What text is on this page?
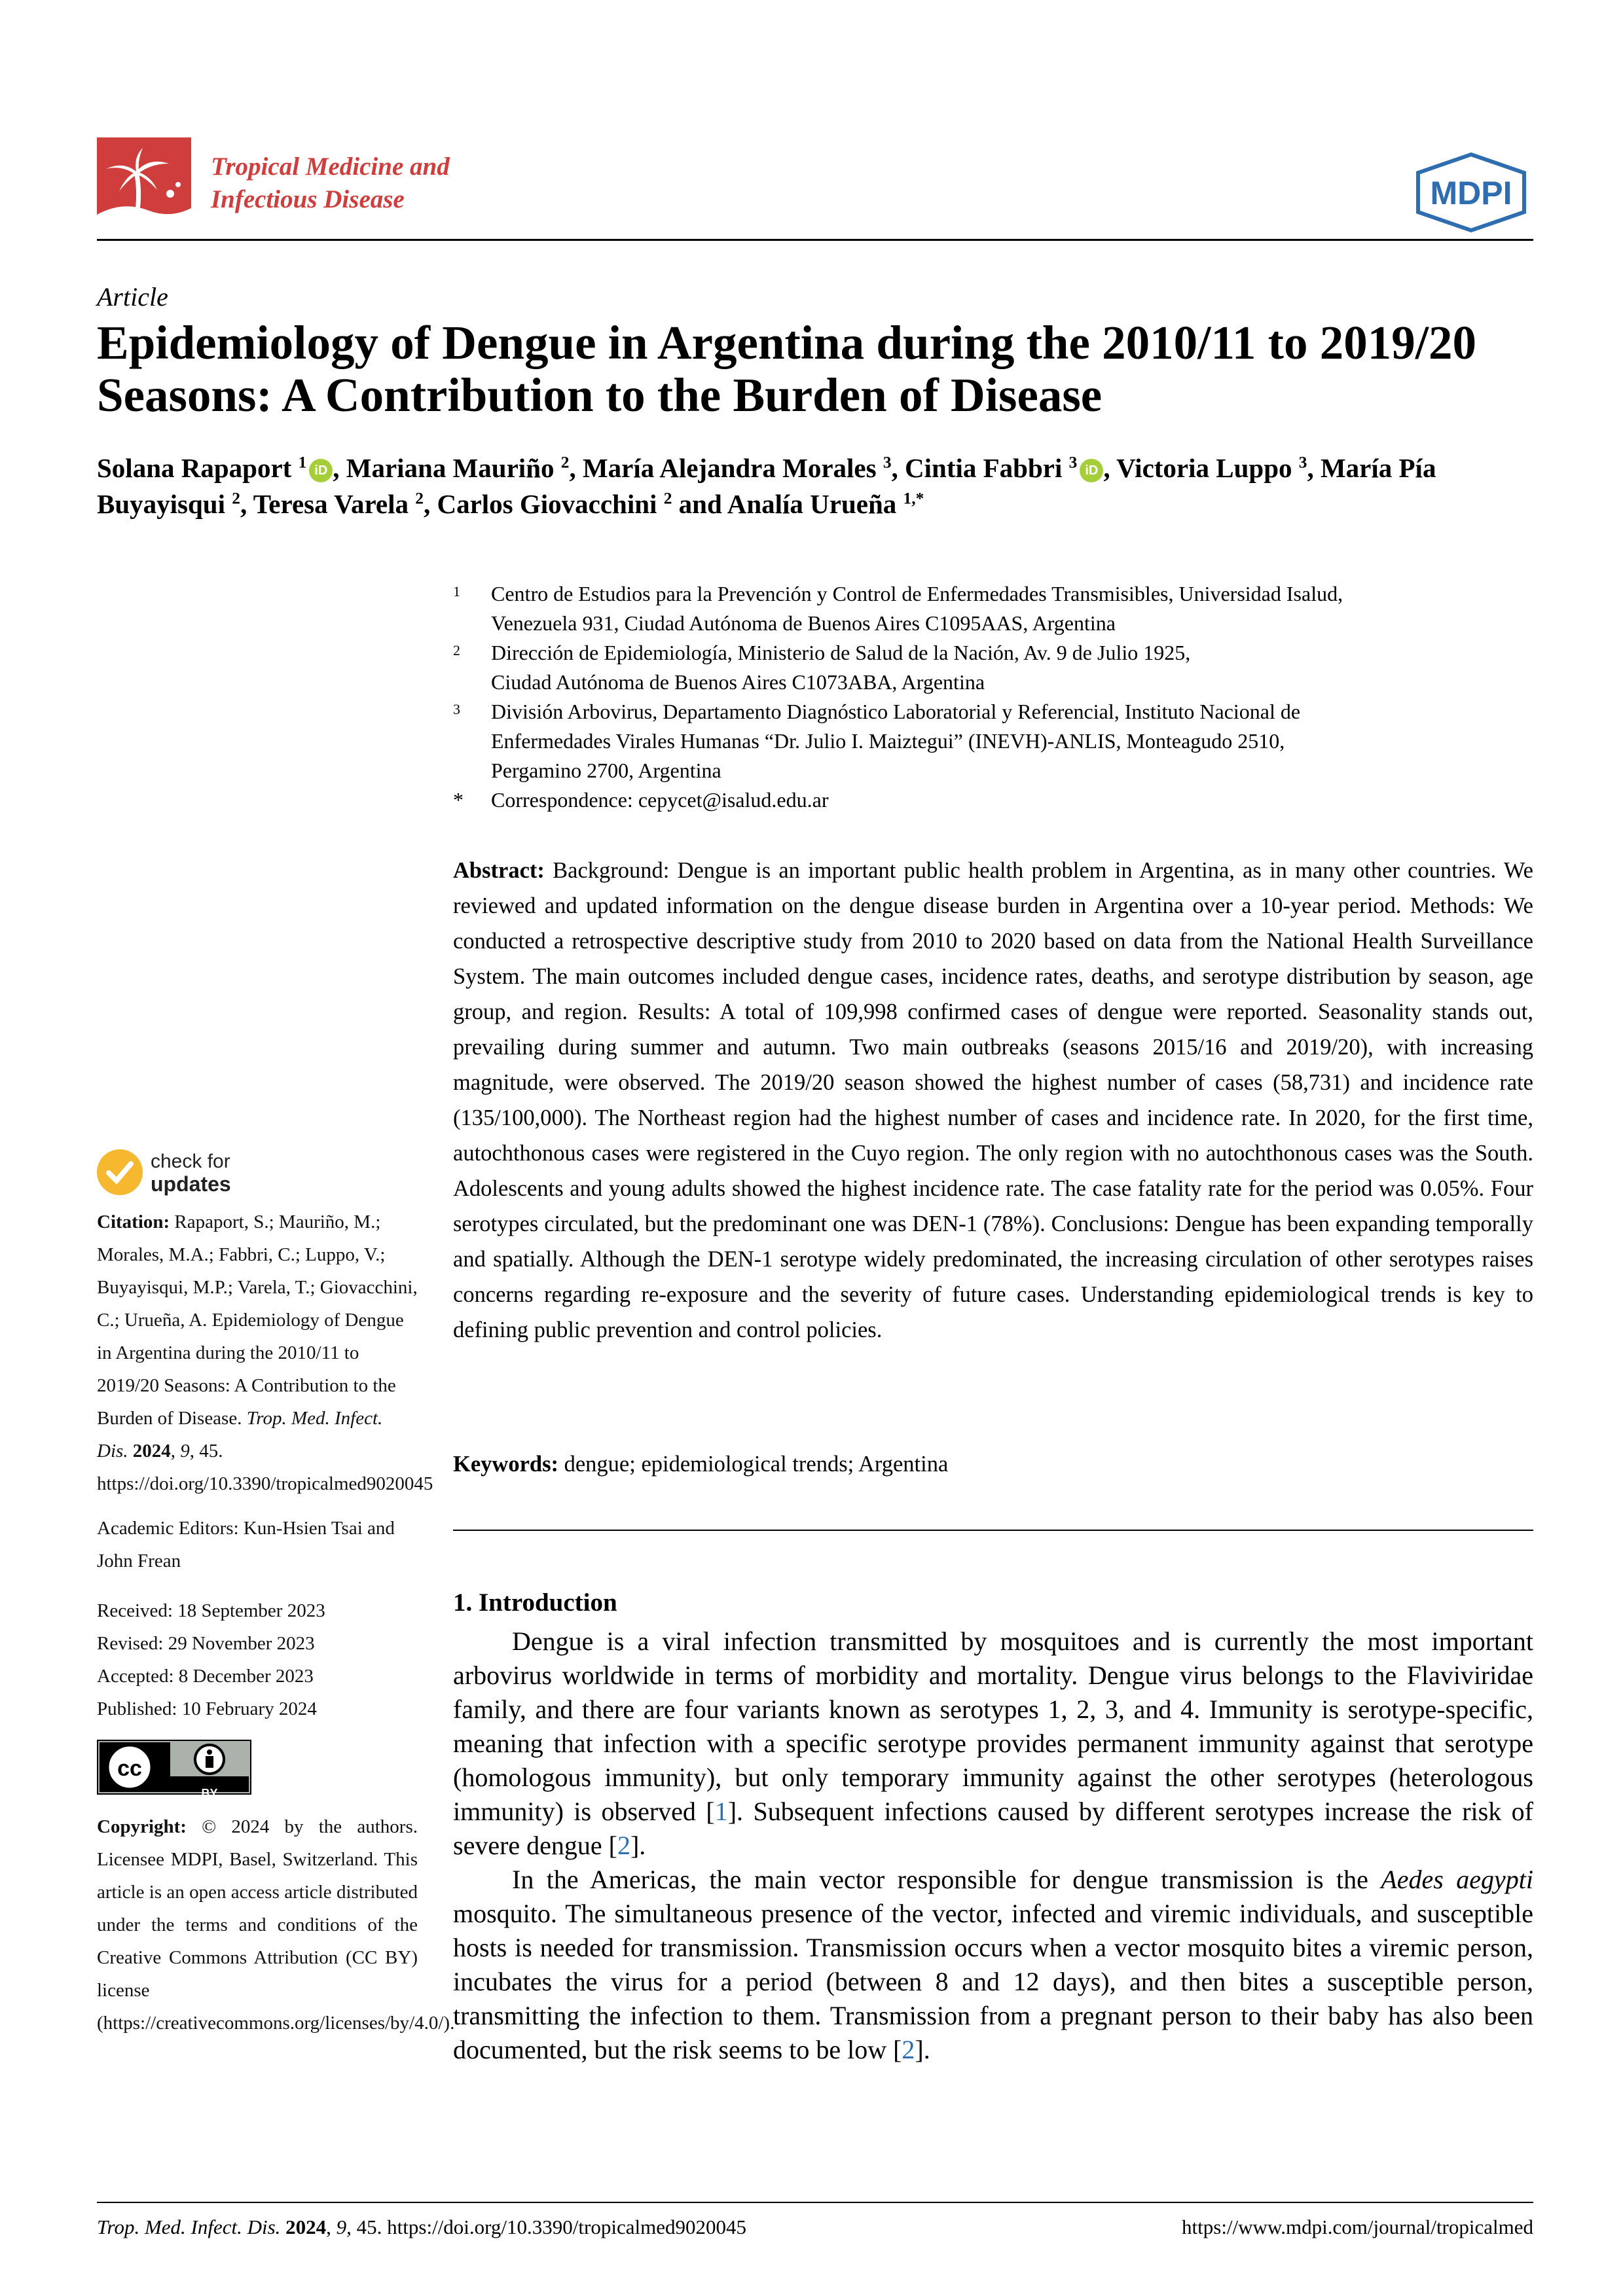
Tropical Medicine and
Infectious Disease	MDPI
Article
Epidemiology of Dengue in Argentina during the 2010/11 to 2019/20 Seasons: A Contribution to the Burden of Disease
Solana Rapaport $^1$ iD , Mariana Mauriño $^2$, María Alejandra Morales $^3$, Cintia Fabbri $^3$ iD , Victoria Luppo $^3$, María Pía Buyayisqui $^2$, Teresa Varela $^2$, Carlos Giovacchini $^2$ and Analía Urueña $^{1,*}$
1 Centro de Estudios para la Prevención y Control de Enfermedades Transmisibles, Universidad Isalud,
Venezuela 931, Ciudad Autónoma de Buenos Aires C1095AAS, Argentina
2 Dirección de Epidemiología, Ministerio de Salud de la Nación, Av. 9 de Julio 1925,
Ciudad Autónoma de Buenos Aires C1073ABA, Argentina
3 División Arbovirus, Departamento Diagnóstico Laboratorial y Referencial, Instituto Nacional de
Enfermedades Virales Humanas “Dr. Julio I. Maiztegui” (INEVH)-ANLIS, Monteagudo 2510,
Pergamino 2700, Argentina
* Correspondence: cepycet@isalud.edu.ar
Abstract: Background: Dengue is an important public health problem in Argentina, as in many other countries. We reviewed and updated information on the dengue disease burden in Argentina over a 10-year period. Methods: We conducted a retrospective descriptive study from 2010 to 2020 based on data from the National Health Surveillance System. The main outcomes included dengue cases, incidence rates, deaths, and serotype distribution by season, age group, and region. Results: A total of 109,998 confirmed cases of dengue were reported. Seasonality stands out, prevailing during summer and autumn. Two main outbreaks (seasons 2015/16 and 2019/20), with increasing magnitude, were observed. The 2019/20 season showed the highest number of cases (58,731) and incidence rate (135/100,000). The Northeast region had the highest number of cases and incidence rate. In 2020, for the first time, autochthonous cases were registered in the Cuyo region. The only region with no autochthonous cases was the South. Adolescents and young adults showed the highest incidence rate. The case fatality rate for the period was 0.05%. Four serotypes circulated, but the predominant one was DEN-1 (78%). Conclusions: Dengue has been expanding temporally and spatially. Although the DEN-1 serotype widely predominated, the increasing circulation of other serotypes raises concerns regarding re-exposure and the severity of future cases. Understanding epidemiological trends is key to defining public prevention and control policies.
Keywords: dengue; epidemiological trends; Argentina
1. Introduction

Dengue is a viral infection transmitted by mosquitoes and is currently the most important arbovirus worldwide in terms of morbidity and mortality. Dengue virus belongs to the Flaviviridae family, and there are four variants known as serotypes 1, 2, 3, and 4. Immunity is serotype-specific, meaning that infection with a specific serotype provides permanent immunity against that serotype (homologous immunity), but only temporary immunity against the other serotypes (heterologous immunity) is observed [1]. Subsequent infections caused by different serotypes increase the risk of severe dengue [2].

In the Americas, the main vector responsible for dengue transmission is the Aedes aegypti mosquito. The simultaneous presence of the vector, infected and viremic individuals, and susceptible hosts is needed for transmission. Transmission occurs when a vector mosquito bites a viremic person, incubates the virus for a period (between 8 and 12 days), and then bites a susceptible person, transmitting the infection to them. Transmission from a pregnant person to their baby has also been documented, but the risk seems to be low [2].

check for
updates

Citation: Rapaport, S.; Mauriño, M.; Morales, M.A.; Fabbri, C.; Luppo, V.; Buyayisqui, M.P.; Varela, T.; Giovacchini, C.; Urueña, A. Epidemiology of Dengue in Argentina during the 2010/11 to 2019/20 Seasons: A Contribution to the Burden of Disease. Trop. Med. Infect. Dis. 2024, 9, 45. https://doi.org/10.3390/tropicalmed9020045

Academic Editors: Kun-Hsien Tsai and John Frean

Received: 18 September 2023

Revised: 29 November 2023

Accepted: 8 December 2023

Published: 10 February 2024

cc
BY

Copyright: © 2024 by the authors. Licensee MDPI, Basel, Switzerland. This article is an open access article distributed under the terms and conditions of the Creative Commons Attribution (CC BY) license (https://creativecommons.org/licenses/by/4.0/).

Trop. Med. Infect. Dis. 2024, 9, 45. https://doi.org/10.3390/tropicalmed9020045	https://www.mdpi.com/journal/tropicalmed
